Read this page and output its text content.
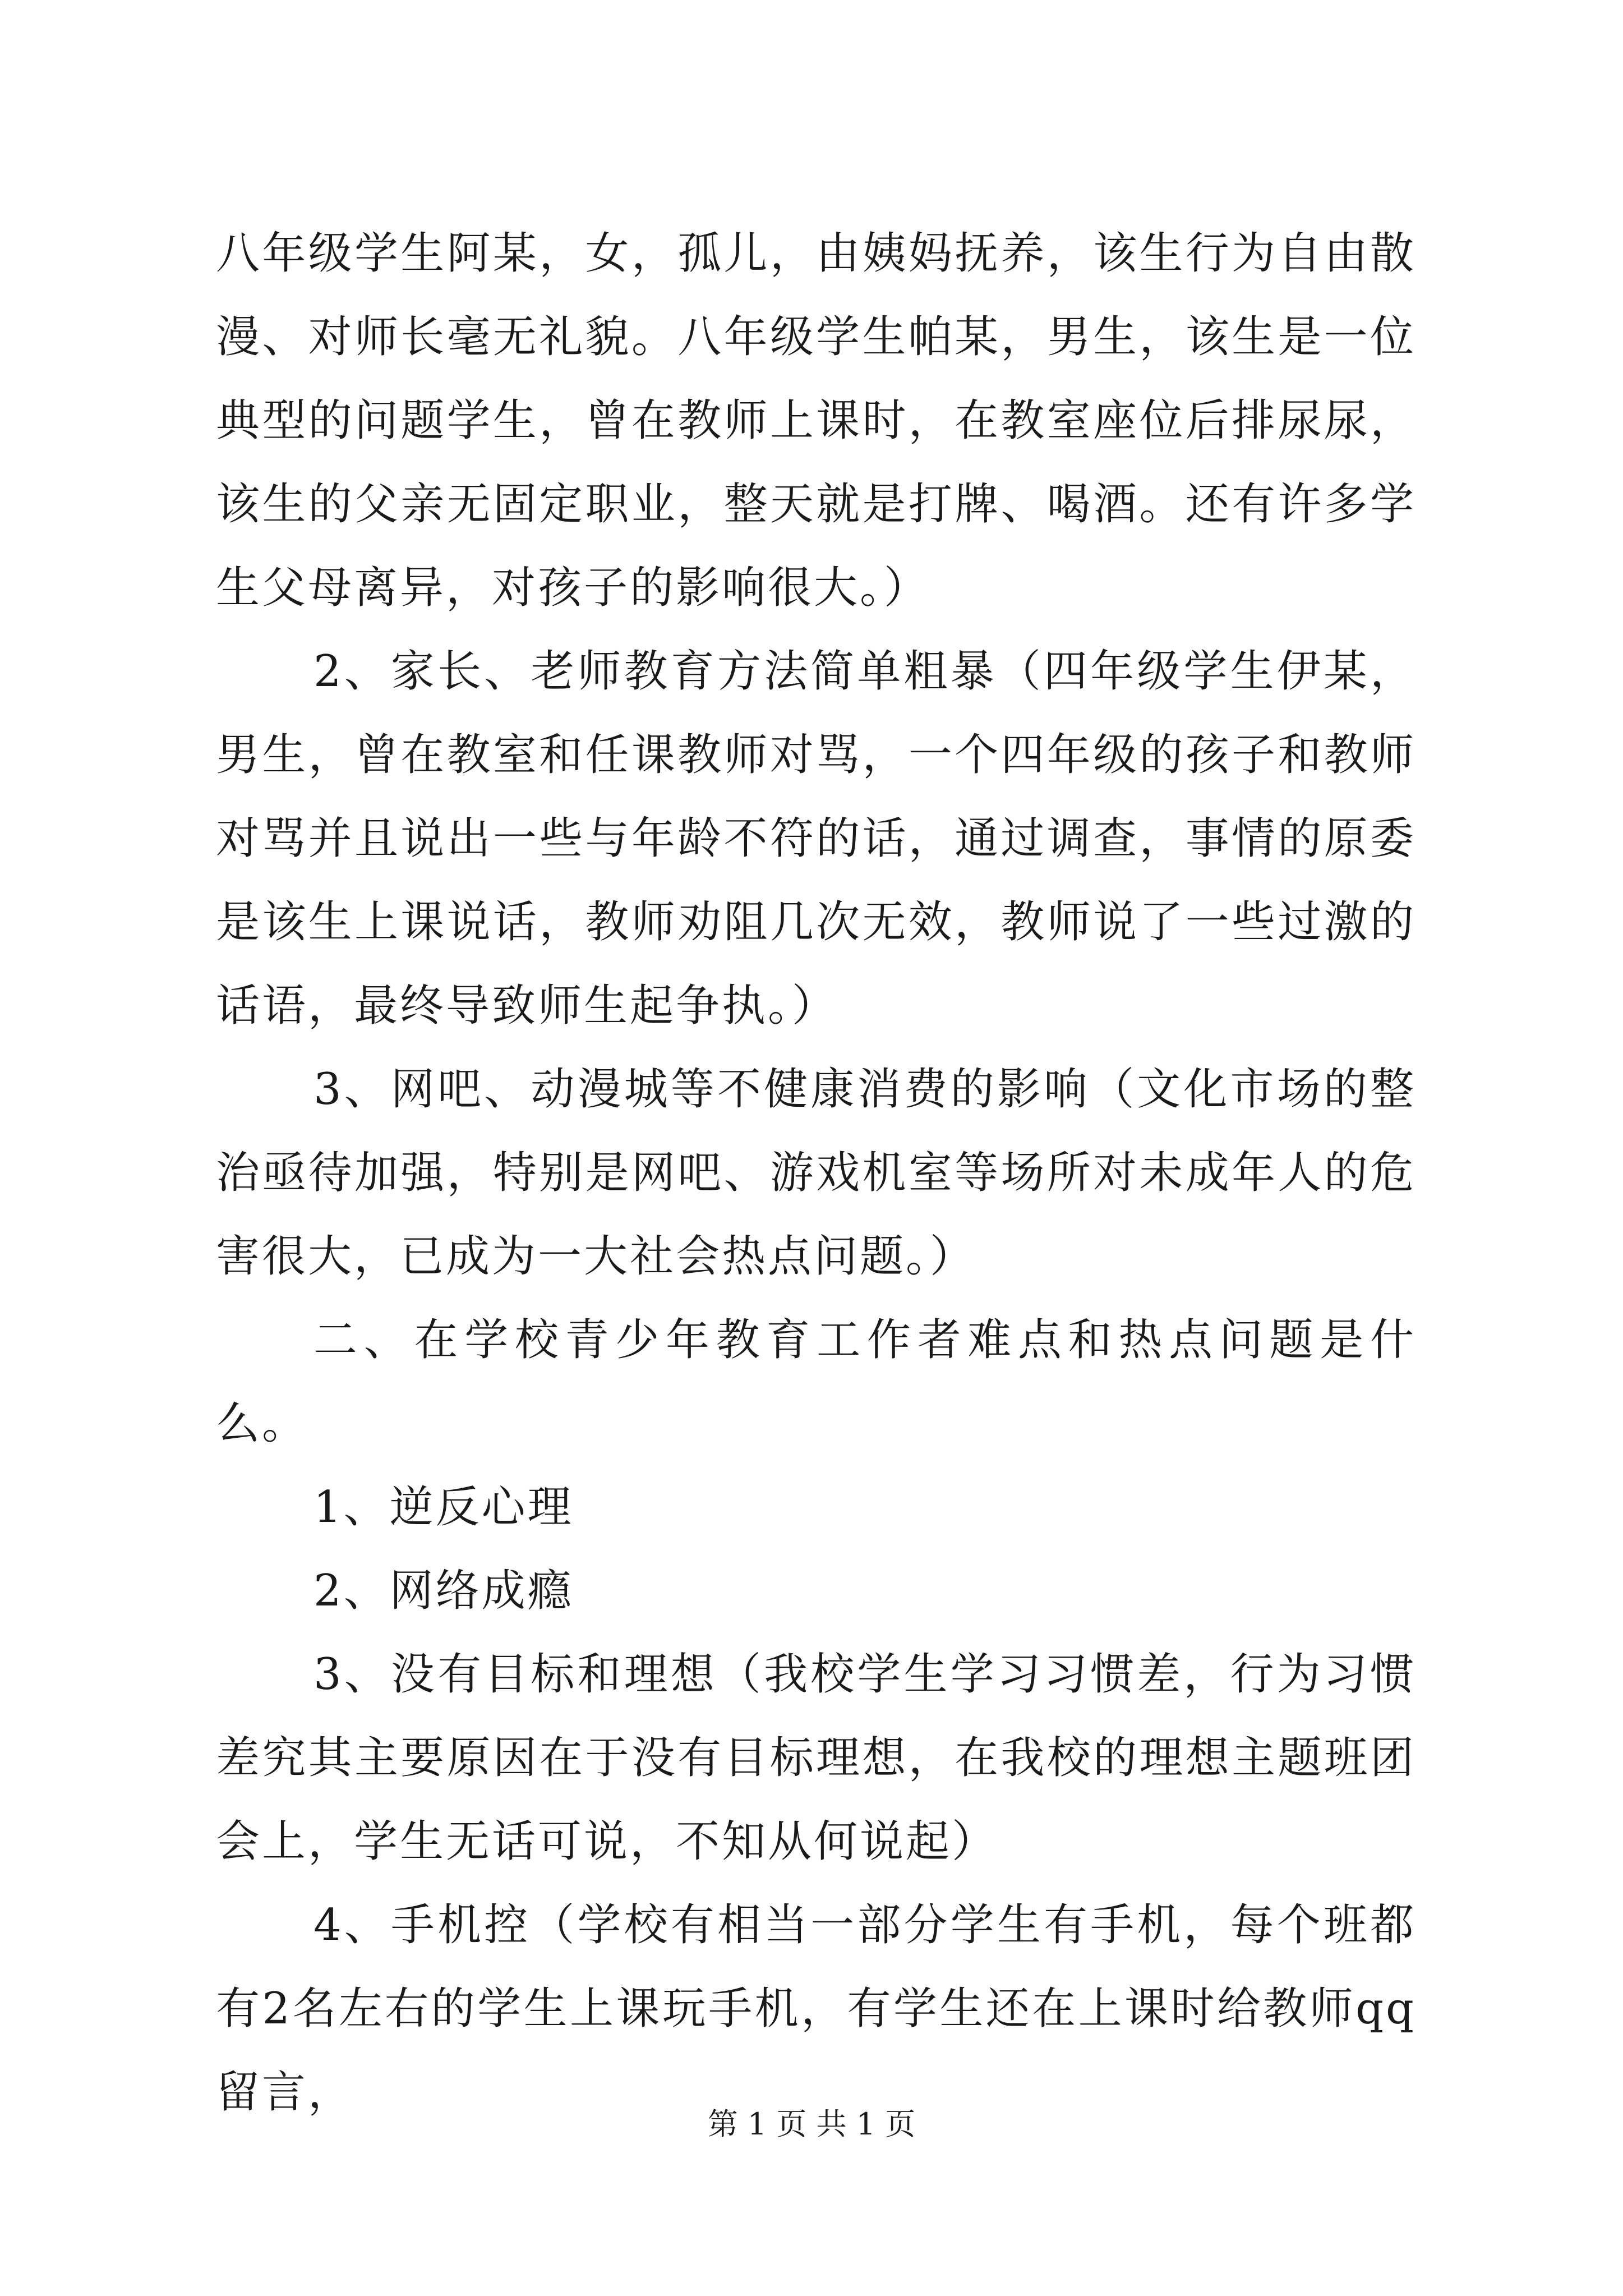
八年级学生阿某，女，孤儿，由姨妈抚养，该生行为自由散漫、对师长毫无礼貌。八年级学生帕某，男生，该生是一位典型的问题学生，曾在教师上课时，在教室座位后排尿尿，该生的父亲无固定职业，整天就是打牌、喝酒。还有许多学生父母离异，对孩子的影响很大。）

2、家长、老师教育方法简单粗暴（四年级学生伊某，男生，曾在教室和任课教师对骂，一个四年级的孩子和教师对骂并且说出一些与年龄不符的话，通过调查，事情的原委是该生上课说话，教师劝阻几次无效，教师说了一些过激的话语，最终导致师生起争执。）

3、网吧、动漫城等不健康消费的影响（文化市场的整治亟待加强，特别是网吧、游戏机室等场所对未成年人的危害很大，已成为一大社会热点问题。）

二、在学校青少年教育工作者难点和热点问题是什么。

1、逆反心理

2、网络成瘾

3、没有目标和理想（我校学生学习习惯差，行为习惯差究其主要原因在于没有目标理想，在我校的理想主题班团会上，学生无话可说，不知从何说起）

4、手机控（学校有相当一部分学生有手机，每个班都有2名左右的学生上课玩手机，有学生还在上课时给教师qq留言，

第 1 页 共 1 页
